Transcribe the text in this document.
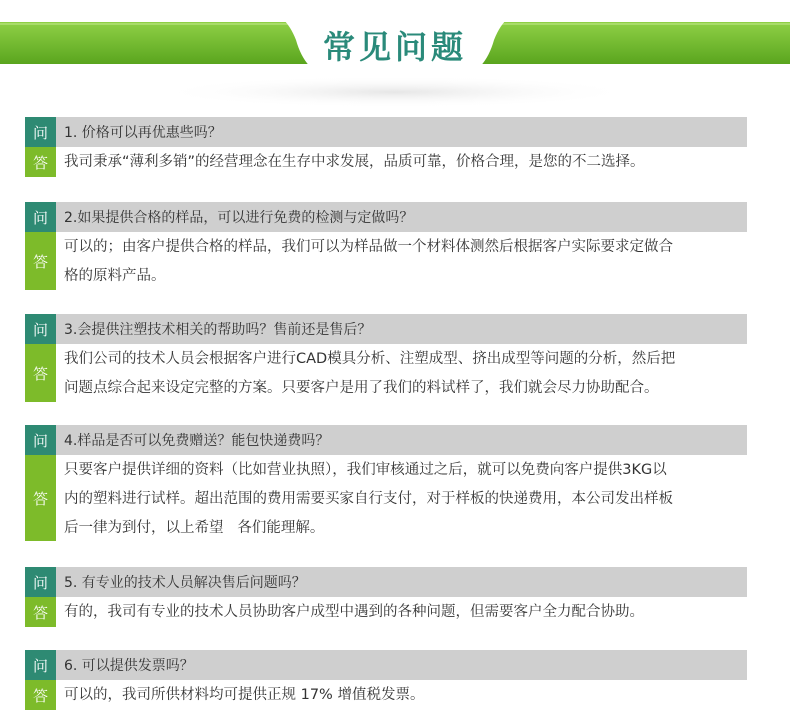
常见问题
问	1. 价格可以再优惠些吗？
答	我司秉承“薄利多销”的经营理念在生存中求发展，品质可靠，价格合理，是您的不二选择。
问	2.如果提供合格的样品，可以进行免费的检测与定做吗？
答
可以的；由客户提供合格的样品，我们可以为样品做一个材料体测然后根据客户实际要求定做合
格的原料产品。
问	3.会提供注塑技术相关的帮助吗？售前还是售后？
答
我们公司的技术人员会根据客户进行CAD模具分析、注塑成型、挤出成型等问题的分析，然后把
问题点综合起来设定完整的方案。只要客户是用了我们的料试样了，我们就会尽力协助配合。
问	4.样品是否可以免费赠送？能包快递费吗？
答
只要客户提供详细的资料（比如营业执照），我们审核通过之后，就可以免费向客户提供3KG以
内的塑料进行试样。超出范围的费用需要买家自行支付，对于样板的快递费用，本公司发出样板
后一律为到付，以上希望   各们能理解。
问	5. 有专业的技术人员解决售后问题吗？
答	有的，我司有专业的技术人员协助客户成型中遇到的各种问题，但需要客户全力配合协助。
问	6. 可以提供发票吗？
答	可以的，我司所供材料均可提供正规 17% 增值税发票。
